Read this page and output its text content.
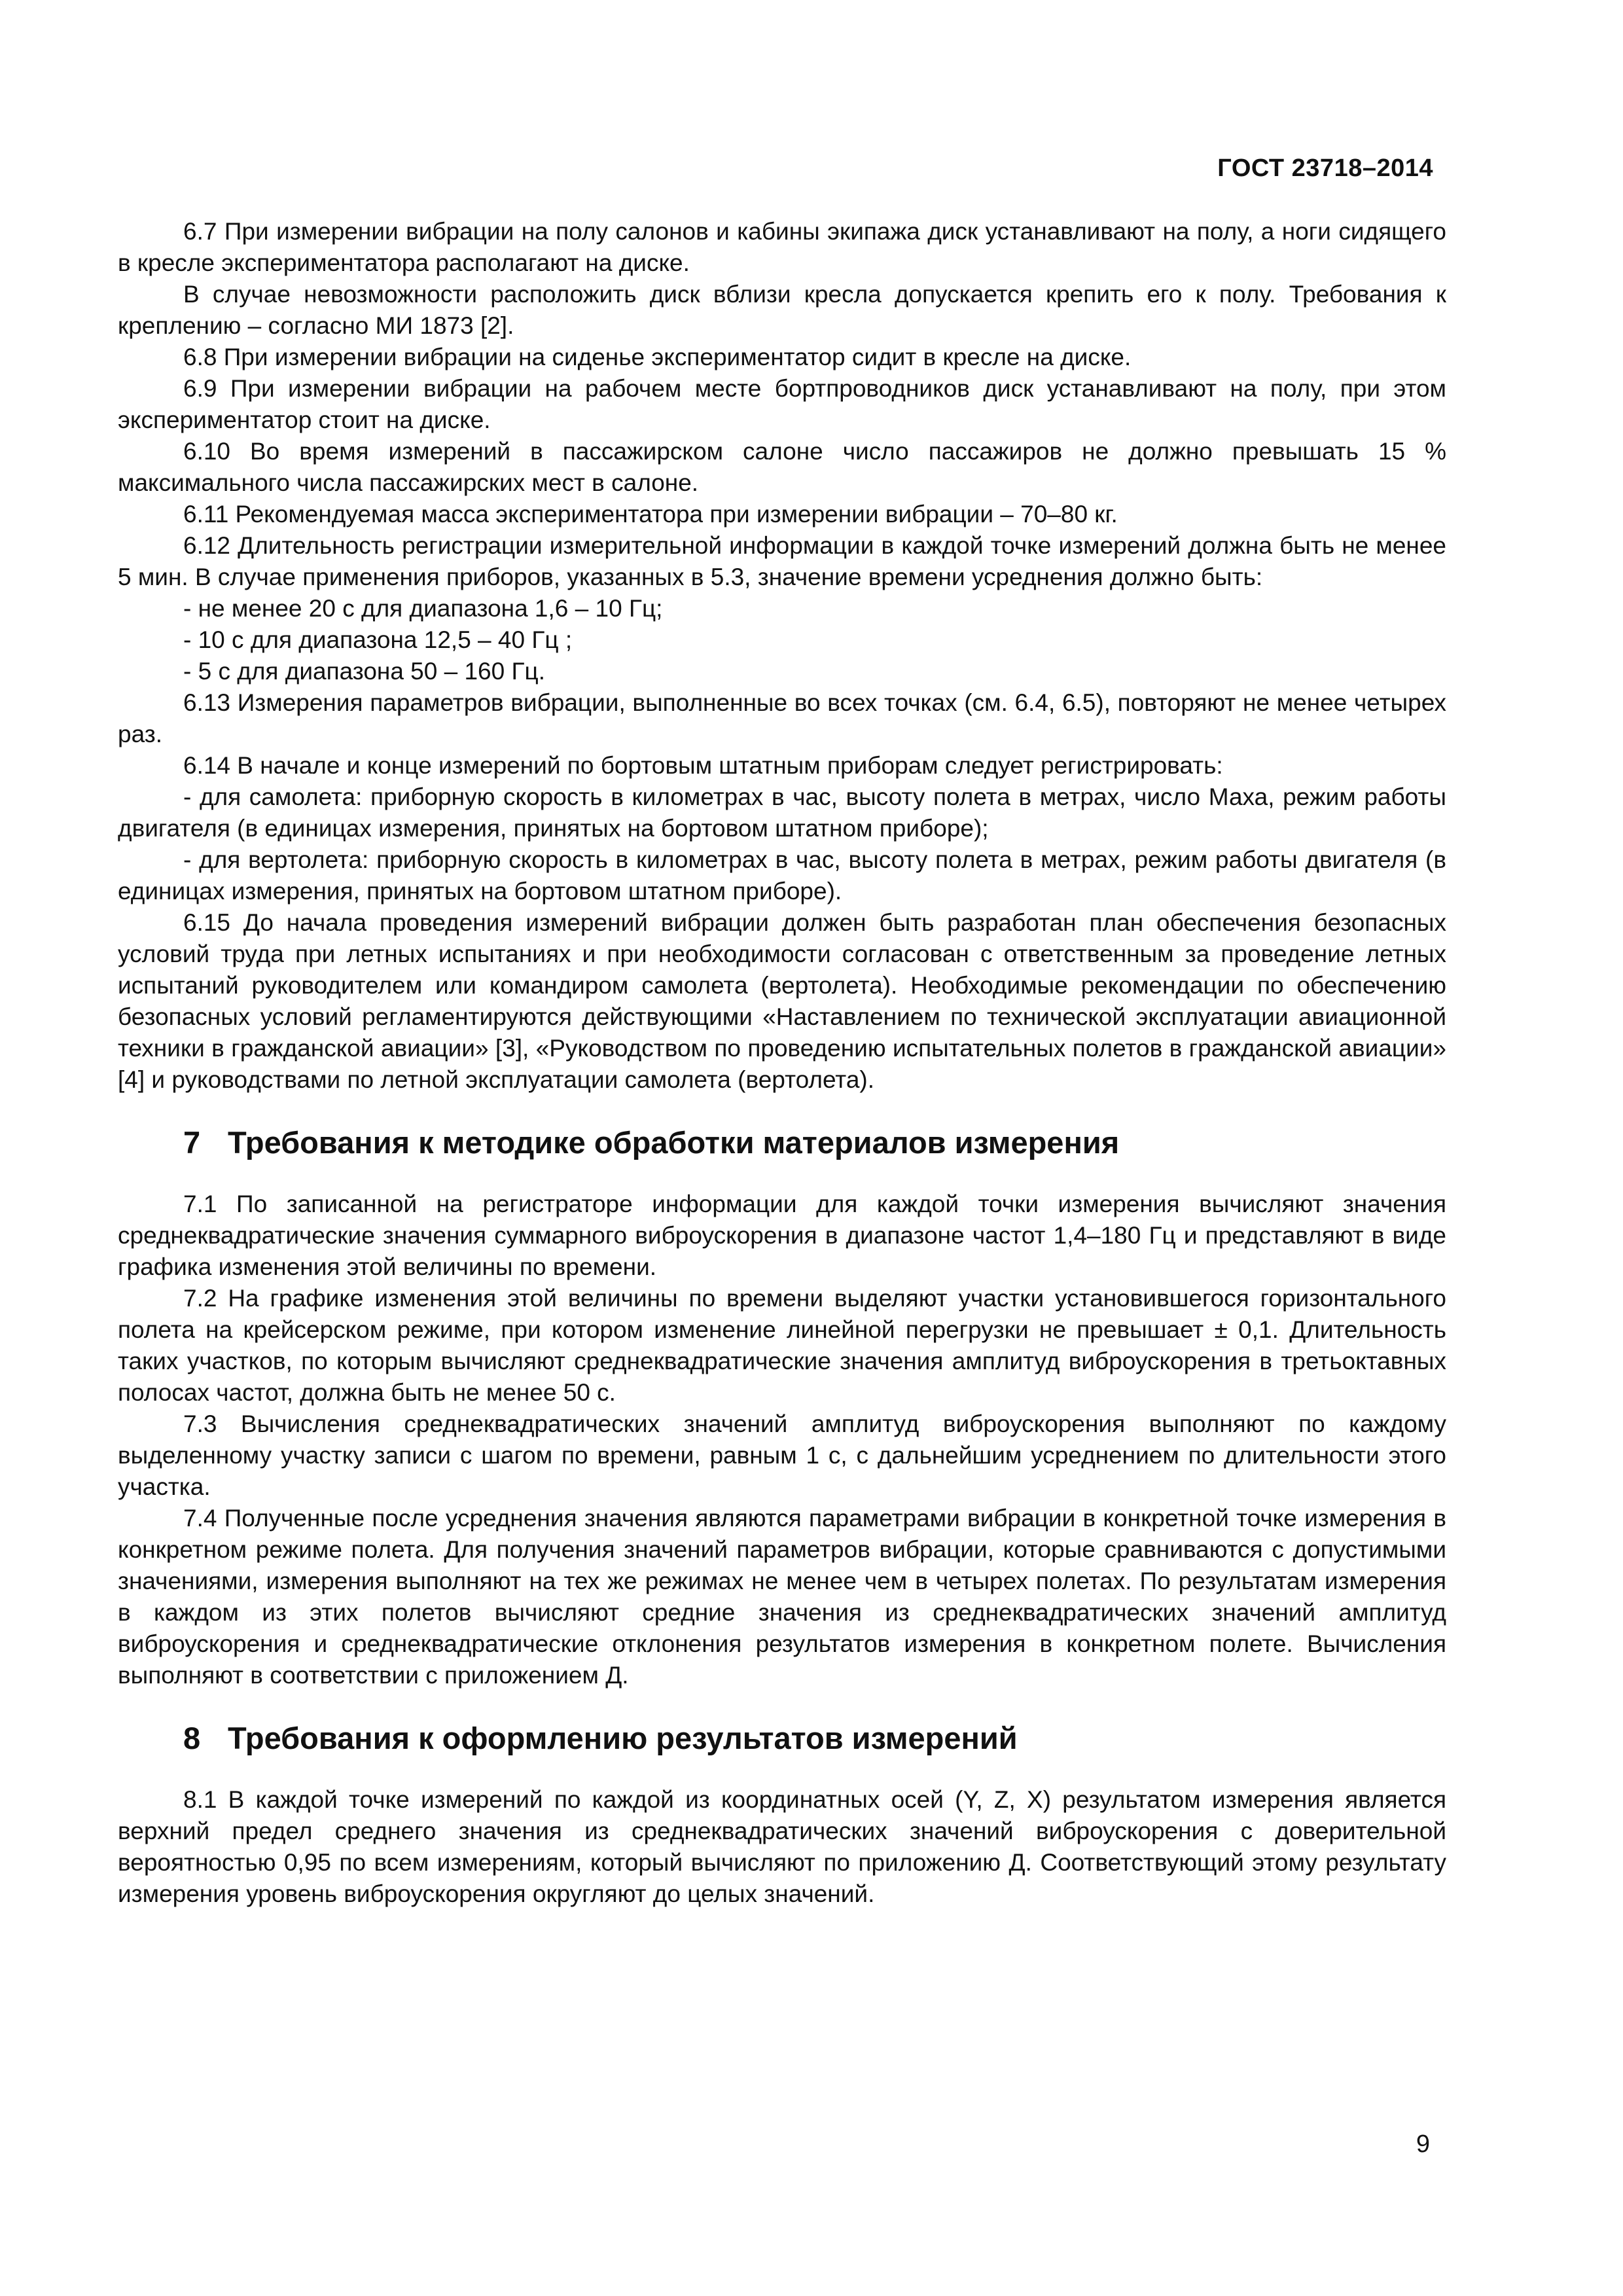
ГОСТ 23718–2014

6.7 При измерении вибрации на полу салонов и кабины экипажа диск устанавливают на полу, а ноги сидящего в кресле экспериментатора располагают на диске.

В случае невозможности расположить диск вблизи кресла допускается крепить его к полу. Требования к креплению – согласно МИ 1873 [2].

6.8 При измерении вибрации на сиденье экспериментатор сидит в кресле на диске.

6.9 При измерении вибрации на рабочем месте бортпроводников диск устанавливают на полу, при этом экспериментатор стоит на диске.

6.10 Во время измерений в пассажирском салоне число пассажиров не должно превышать 15 % максимального числа пассажирских мест в салоне.

6.11 Рекомендуемая масса экспериментатора при измерении вибрации – 70–80 кг.

6.12 Длительность регистрации измерительной информации в каждой точке измерений должна быть не менее 5 мин. В случае применения приборов, указанных в 5.3, значение времени усреднения должно быть:

- не менее 20 с для диапазона 1,6 – 10 Гц;

- 10 с для диапазона 12,5 – 40 Гц ;

- 5 с для диапазона 50 – 160 Гц.

6.13 Измерения параметров вибрации, выполненные во всех точках (см. 6.4, 6.5), повторяют не менее четырех раз.

6.14 В начале и конце измерений по бортовым штатным приборам следует регистрировать:

- для самолета: приборную скорость в километрах в час, высоту полета в метрах, число Маха, режим работы двигателя (в единицах измерения, принятых на бортовом штатном приборе);

- для вертолета: приборную скорость в километрах в час, высоту полета в метрах, режим работы двигателя (в единицах измерения, принятых на бортовом штатном приборе).

6.15 До начала проведения измерений вибрации должен быть разработан план обеспечения безопасных условий труда при летных испытаниях и при необходимости согласован с ответственным за проведение летных испытаний руководителем или командиром самолета (вертолета). Необходимые рекомендации по обеспечению безопасных условий регламентируются действующими «Наставлением по технической эксплуатации авиационной техники в гражданской авиации» [3], «Руководством по проведению испытательных полетов в гражданской авиации» [4] и руководствами по летной эксплуатации самолета (вертолета).

7 Требования к методике обработки материалов измерения

7.1 По записанной на регистраторе информации для каждой точки измерения вычисляют значения среднеквадратические значения суммарного виброускорения в диапазоне частот 1,4–180 Гц и представляют в виде графика изменения этой величины по времени.

7.2 На графике изменения этой величины по времени выделяют участки установившегося горизонтального полета на крейсерском режиме, при котором изменение линейной перегрузки не превышает ± 0,1. Длительность таких участков, по которым вычисляют среднеквадратические значения амплитуд виброускорения в третьоктавных полосах частот, должна быть не менее 50 с.

7.3 Вычисления среднеквадратических значений амплитуд виброускорения выполняют по каждому выделенному участку записи с шагом по времени, равным 1 с, с дальнейшим усреднением по длительности этого участка.

7.4 Полученные после усреднения значения являются параметрами вибрации в конкретной точке измерения в конкретном режиме полета. Для получения значений параметров вибрации, которые сравниваются с допустимыми значениями, измерения выполняют на тех же режимах не менее чем в четырех полетах. По результатам измерения в каждом из этих полетов вычисляют средние значения из среднеквадратических значений амплитуд виброускорения и среднеквадратические отклонения результатов измерения в конкретном полете. Вычисления выполняют в соответствии с приложением Д.

8 Требования к оформлению результатов измерений

8.1 В каждой точке измерений по каждой из координатных осей (Y, Z, X) результатом измерения является верхний предел среднего значения из среднеквадратических значений виброускорения с доверительной вероятностью 0,95 по всем измерениям, который вычисляют по приложению Д. Соответствующий этому результату измерения уровень виброускорения округляют до целых значений.

9
